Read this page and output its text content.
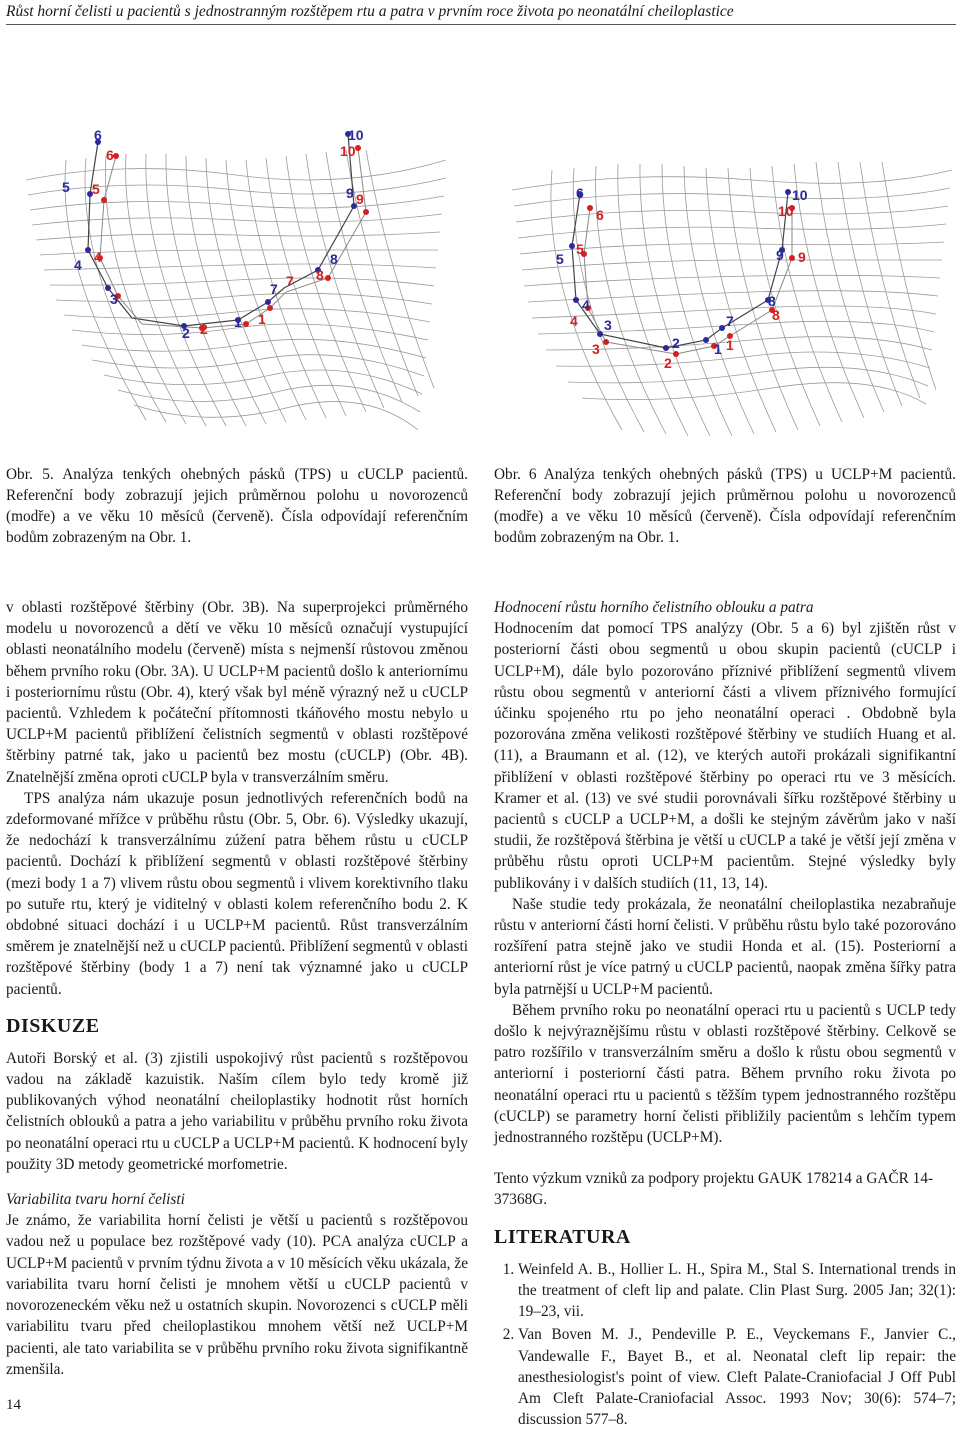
Růst horní čelisti u pacientů s jednostranným rozštěpem rtu a patra v prvním roce života po neonatální cheiloplastice
1 1
2 2
3
4 4
5 5
6
6
7 7
8
8
9 9
10
10
Obr. 5. Analýza tenkých ohebných pásků (TPS) u cUCLP pacientů. Referenční body zobrazují jejich průměrnou polohu u novorozenců (modře) a ve věku 10 měsíců (červeně). Čísla odpovídají referenčním bodům zobrazeným na Obr. 1.
1 1
2
2
3
3
4
4
5
5
6
6
7
8
8
9 9
10
10
Obr. 6 Analýza tenkých ohebných pásků (TPS) u UCLP+M pacientů. Referenční body zobrazují jejich průměrnou polohu u novorozenců (modře) a ve věku 10 měsíců (červeně). Čísla odpovídají referenčním bodům zobrazeným na Obr. 1.

v oblasti rozštěpové štěrbiny (Obr. 3B). Na superprojekci průměrného modelu u novorozenců a dětí ve věku 10 měsíců označují vystupující oblasti neonatálního modelu (červeně) místa s nejmenší růstovou změnou během prvního roku (Obr. 3A). U UCLP+M pacientů došlo k anteriornímu i posteriornímu růstu (Obr. 4), který však byl méně výrazný než u cUCLP pacientů. Vzhledem k počáteční přítomnosti tkáňového mostu nebylo u UCLP+M pacientů přiblížení čelistních segmentů v oblasti rozštěpové štěrbiny patrné tak, jako u pacientů bez mostu (cUCLP) (Obr. 4B). Znatelnější změna oproti cUCLP byla v transverzálním směru.

TPS analýza nám ukazuje posun jednotlivých referenčních bodů na zdeformované mřížce v průběhu růstu (Obr. 5, Obr. 6). Výsledky ukazují, že nedochází k transverzálnímu zúžení patra během růstu u cUCLP pacientů. Dochází k přiblížení segmentů v oblasti rozštěpové štěrbiny (mezi body 1 a 7) vlivem růstu obou segmentů i vlivem korektivního tlaku po sutuře rtu, který je viditelný v oblasti kolem referenčního bodu 2. K obdobné situaci dochází i u UCLP+M pacientů. Růst transverzálním směrem je znatelnější než u cUCLP pacientů. Přiblížení segmentů v oblasti rozštěpové štěrbiny (body 1 a 7) není tak významné jako u cUCLP pacientů.

DISKUZE

Autoři Borský et al. (3) zjistili uspokojivý růst pacientů s rozštěpovou vadou na základě kazuistik. Naším cílem bylo tedy kromě již publikovaných výhod neonatální cheiloplastiky hodnotit růst horních čelistních oblouků a patra a jeho variabilitu v průběhu prvního roku života po neonatální operaci rtu u cUCLP a UCLP+M pacientů. K hodnocení byly použity 3D metody geometrické morfometrie.

Variabilita tvaru horní čelisti

Je známo, že variabilita horní čelisti je větší u pacientů s rozštěpovou vadou než u populace bez rozštěpové vady (10). PCA analýza cUCLP a UCLP+M pacientů v prvním týdnu života a v 10 měsících věku ukázala, že variabilita tvaru horní čelisti je mnohem větší u cUCLP pacientů v novorozeneckém věku než u ostatních skupin. Novorozenci s cUCLP měli variabilitu tvaru před cheiloplastikou mnohem větší než UCLP+M pacienti, ale tato variabilita se v průběhu prvního roku života signifikantně zmenšila.

Hodnocení růstu horního čelistního oblouku a patra

Hodnocením dat pomocí TPS analýzy (Obr. 5 a 6) byl zjištěn růst v posteriorní části obou segmentů u obou skupin pacientů (cUCLP i UCLP+M), dále bylo pozorováno příznivé přiblížení segmentů vlivem růstu obou segmentů v anteriorní části a vlivem příznivého formující účinku spojeného rtu po jeho neonatální operaci . Obdobně byla pozorována změna velikosti rozštěpové štěrbiny ve studiích Huang et al. (11), a Braumann et al. (12), ve kterých autoři prokázali signifikantní přiblížení v oblasti rozštěpové štěrbiny po operaci rtu ve 3 měsících. Kramer et al. (13) ve své studii porovnávali šířku rozštěpové štěrbiny u pacientů s cUCLP a UCLP+M, a došli ke stejným závěrům jako v naší studii, že rozštěpová štěrbina je větší u cUCLP a také je větší její změna v průběhu růstu oproti UCLP+M pacientům. Stejné výsledky byly publikovány i v dalších studiích (11, 13, 14).

Naše studie tedy prokázala, že neonatální cheiloplastika nezabraňuje růstu v anteriorní části horní čelisti. V průběhu růstu bylo také pozorováno rozšíření patra stejně jako ve studii Honda et al. (15). Posteriorní a anteriorní růst je více patrný u cUCLP pacientů, naopak změna šířky patra byla patrnější u UCLP+M pacientů.

Během prvního roku po neonatální operaci rtu u pacientů s UCLP tedy došlo k nejvýraznějšímu růstu v oblasti rozštěpové štěrbiny. Celkově se patro rozšířilo v transverzálním směru a došlo k růstu obou segmentů v anteriorní i posteriorní části patra. Během prvního roku života po neonatální operaci rtu u pacientů s těžším typem jednostranného rozštěpu (cUCLP) se parametry horní čelisti přibližily pacientům s lehčím typem jednostranného rozštěpu (UCLP+M).

Tento výzkum vzniků za podpory projektu GAUK 178214 a GAČR 14-37368G.

LITERATURA
1. Weinfeld A. B., Hollier L. H., Spira M., Stal S. International trends in the treatment of cleft lip and palate. Clin Plast Surg. 2005 Jan; 32(1): 19–23, vii.
2. Van Boven M. J., Pendeville P. E., Veyckemans F., Janvier C., Vandewalle F., Bayet B., et al. Neonatal cleft lip repair: the anesthesiologist's point of view. Cleft Palate-Craniofacial J Off Publ Am Cleft Palate-Craniofacial Assoc. 1993 Nov; 30(6): 574–7; discussion 577–8.
14
